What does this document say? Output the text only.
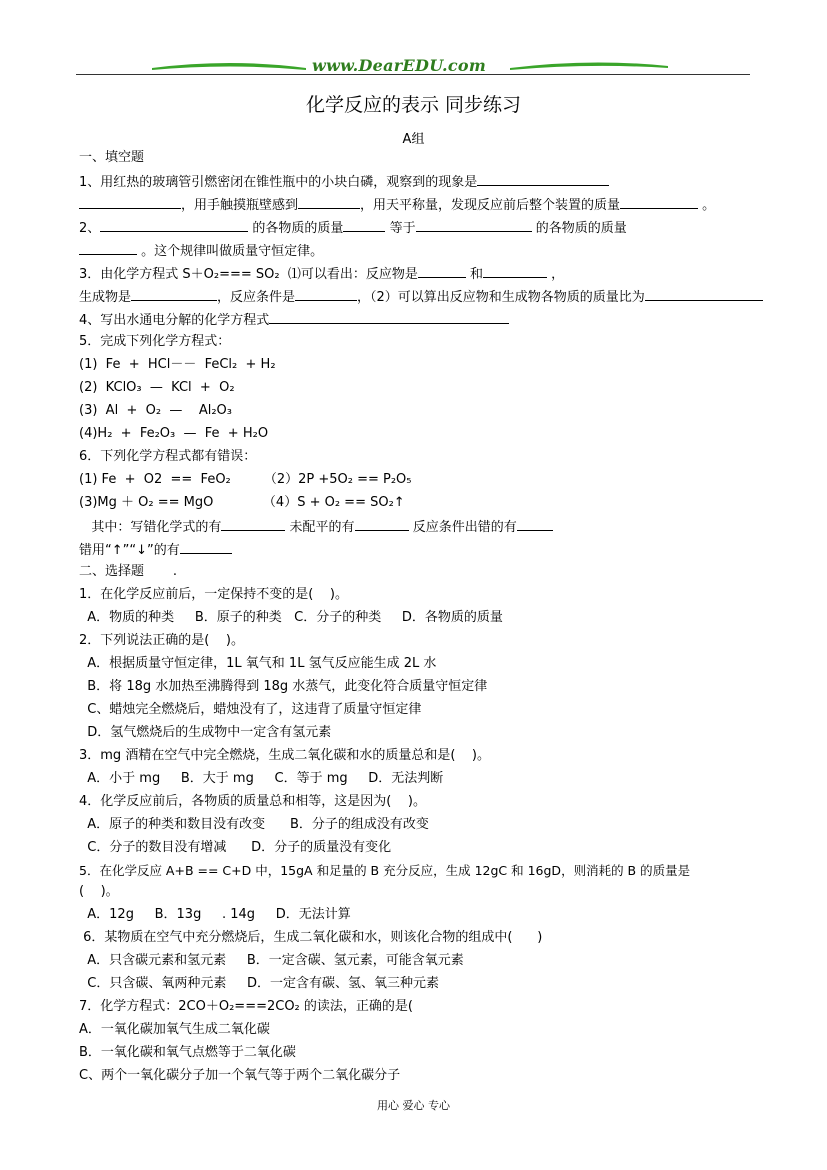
www.DearEDU.com
化学反应的表示 同步练习
A组
一、填空题
1、用红热的玻璃管引燃密闭在锥性瓶中的小块白磷，观察到的现象是
，用手触摸瓶壁感到	，用天平称量，发现反应前后整个装置的质量	。
2、	的各物质的质量	等于	的各物质的质量
。这个规律叫做质量守恒定律。
3．由化学方程式 S＋O₂=== SO₂  ⑴可以看出：反应物是	和	，
生成物是	，反应条件是	，（2）可以算出反应物和生成物各物质的质量比为
4、写出水通电分解的化学方程式
5．完成下列化学方程式：
(1)  Fe  +  HCl－－  FeCl₂  + H₂
(2)  KClO₃  —  KCl  +  O₂
(3)  Al  +  O₂  —    Al₂O₃
(4)H₂  +  Fe₂O₃  —  Fe  + H₂O
6．下列化学方程式都有错误：
(1) Fe  +  O2  ==  FeO₂        （2）2P +5O₂ == P₂O₅
(3)Mg ＋ O₂ == MgO            （4）S + O₂ == SO₂↑
其中：写错化学式的有	未配平的有	反应条件出错的有
错用“↑”“↓”的有
二、选择题       .
1．在化学反应前后，一定保持不变的是(    )。
A．物质的种类     B．原子的种类   C．分子的种类     D．各物质的质量
2．下列说法正确的是(    )。
A．根据质量守恒定律，1L 氧气和 1L 氢气反应能生成 2L 水
B．将 18g 水加热至沸腾得到 18g 水蒸气，此变化符合质量守恒定律
C、蜡烛完全燃烧后，蜡烛没有了，这违背了质量守恒定律
D．氢气燃烧后的生成物中一定含有氢元素
3．mg 酒精在空气中完全燃烧，生成二氧化碳和水的质量总和是(    )。
A．小于 mg     B．大于 mg     C．等于 mg     D．无法判断
4．化学反应前后，各物质的质量总和相等，这是因为(    )。
A．原子的种类和数目没有改变      B．分子的组成没有改变
C．分子的数目没有增减      D．分子的质量没有变化
5．在化学反应 A+B == C+D 中，15gA 和足量的 B 充分反应，生成 12gC 和 16gD，则消耗的 B 的质量是
(    )。
A．12g     B．13g     . 14g     D．无法计算
6．某物质在空气中充分燃烧后，生成二氧化碳和水，则该化合物的组成中(      )
A．只含碳元素和氢元素     B．一定含碳、氢元素，可能含氧元素
C．只含碳、氧两种元素     D．一定含有碳、氢、氧三种元素
7．化学方程式：2CO＋O₂===2CO₂ 的读法，正确的是(
A．一氧化碳加氧气生成二氧化碳
B．一氧化碳和氧气点燃等于二氧化碳
C、两个一氧化碳分子加一个氧气等于两个二氧化碳分子
用心 爱心 专心
